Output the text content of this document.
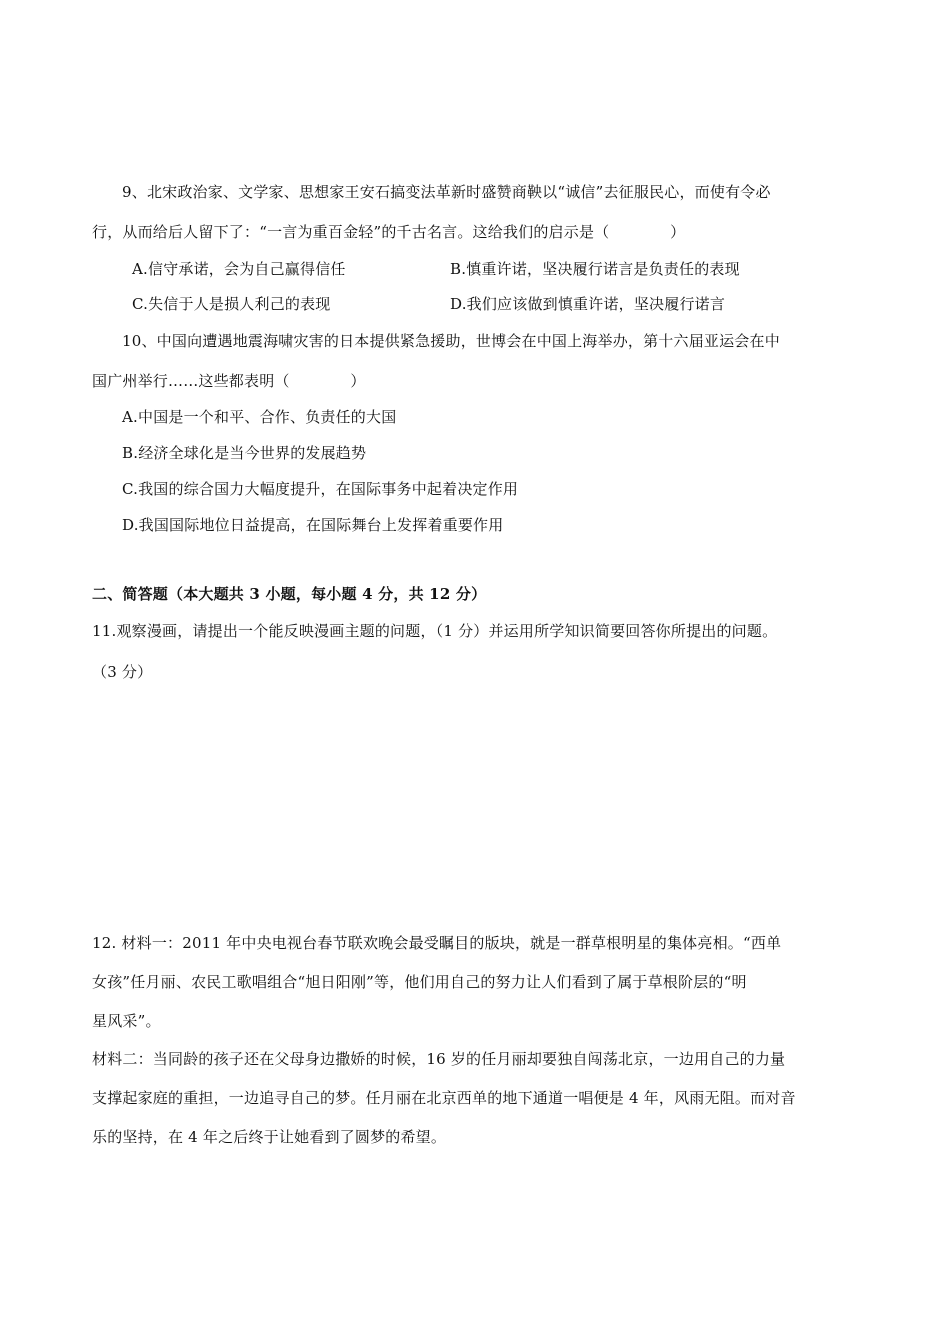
9、北宋政治家、文学家、思想家王安石搞变法革新时盛赞商鞅以“诚信”去征服民心，而使有令必
行，从而给后人留下了：“一言为重百金轻”的千古名言。这给我们的启示是（　　　　）
A.信守承诺，会为自己赢得信任	B.慎重许诺，坚决履行诺言是负责任的表现
C.失信于人是损人利己的表现	D.我们应该做到慎重许诺，坚决履行诺言
10、中国向遭遇地震海啸灾害的日本提供紧急援助，世博会在中国上海举办，第十六届亚运会在中
国广州举行……这些都表明（　　　　）
A.中国是一个和平、合作、负责任的大国
B.经济全球化是当今世界的发展趋势
C.我国的综合国力大幅度提升，在国际事务中起着决定作用
D.我国国际地位日益提高，在国际舞台上发挥着重要作用
二、简答题（本大题共 3 小题，每小题 4 分，共 12 分）
11.观察漫画，请提出一个能反映漫画主题的问题，（1 分）并运用所学知识简要回答你所提出的问题。
（3 分）
12. 材料一：2011 年中央电视台春节联欢晚会最受瞩目的版块，就是一群草根明星的集体亮相。“西单
女孩”任月丽、农民工歌唱组合“旭日阳刚”等，他们用自己的努力让人们看到了属于草根阶层的“明
星风采”。
材料二：当同龄的孩子还在父母身边撒娇的时候，16 岁的任月丽却要独自闯荡北京，一边用自己的力量
支撑起家庭的重担，一边追寻自己的梦。任月丽在北京西单的地下通道一唱便是 4 年，风雨无阻。而对音
乐的坚持，在 4 年之后终于让她看到了圆梦的希望。
